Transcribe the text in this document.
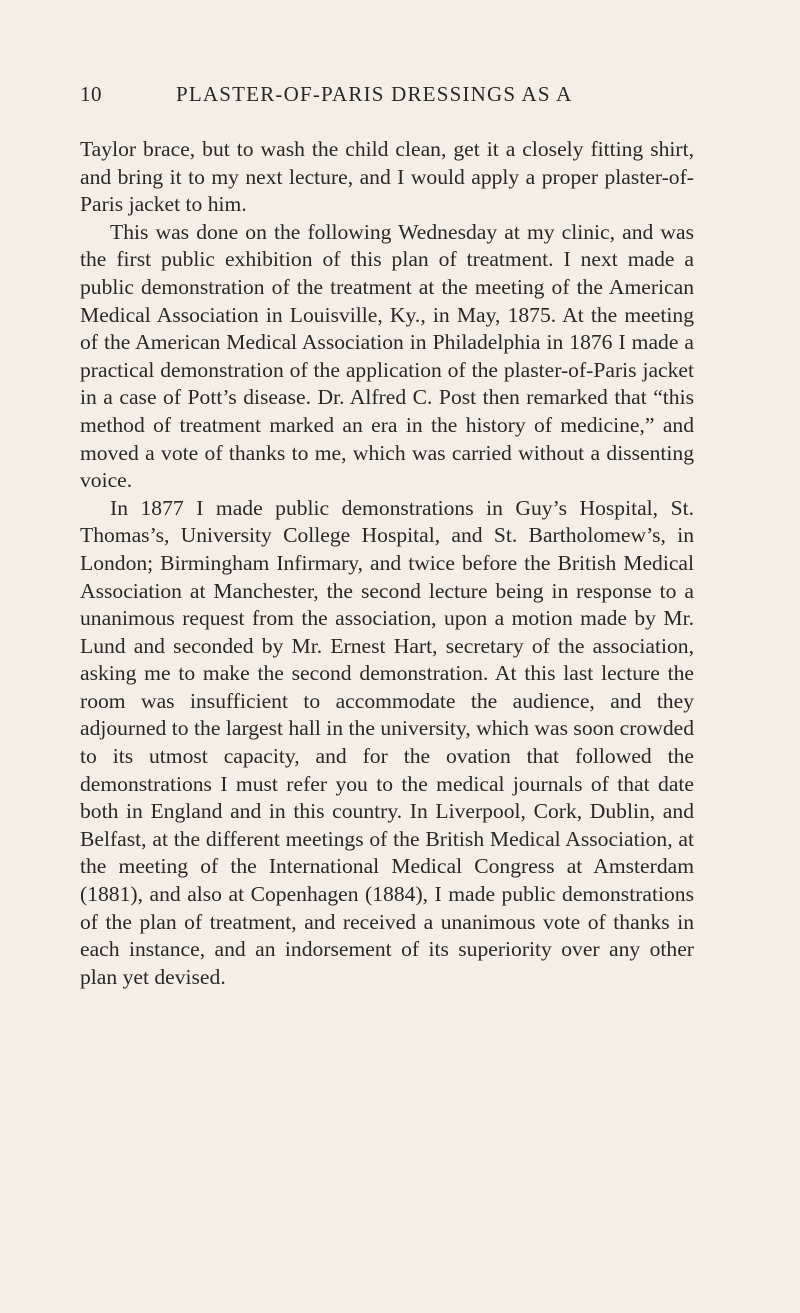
10	PLASTER-OF-PARIS DRESSINGS AS A

Taylor brace, but to wash the child clean, get it a closely fitting shirt, and bring it to my next lecture, and I would apply a proper plaster-of-Paris jacket to him.

This was done on the following Wednesday at my clinic, and was the first public exhibition of this plan of treatment. I next made a public demonstration of the treatment at the meeting of the American Medical Association in Louisville, Ky., in May, 1875. At the meeting of the American Medical Association in Philadelphia in 1876 I made a practical demonstration of the application of the plaster-of-Paris jacket in a case of Pott’s disease. Dr. Alfred C. Post then remarked that “this method of treatment marked an era in the history of medicine,” and moved a vote of thanks to me, which was carried without a dissenting voice.

In 1877 I made public demonstrations in Guy’s Hospital, St. Thomas’s, University College Hospital, and St. Bartholomew’s, in London; Birmingham Infirmary, and twice before the British Medical Association at Manchester, the second lecture being in response to a unanimous request from the association, upon a motion made by Mr. Lund and seconded by Mr. Ernest Hart, secretary of the association, asking me to make the second demonstration. At this last lecture the room was insufficient to accommodate the audience, and they adjourned to the largest hall in the university, which was soon crowded to its utmost capacity, and for the ovation that followed the demonstrations I must refer you to the medical journals of that date both in England and in this country. In Liverpool, Cork, Dublin, and Belfast, at the different meetings of the British Medical Association, at the meeting of the International Medical Congress at Amsterdam (1881), and also at Copenhagen (1884), I made public demonstrations of the plan of treatment, and received a unanimous vote of thanks in each instance, and an indorsement of its superiority over any other plan yet devised.
